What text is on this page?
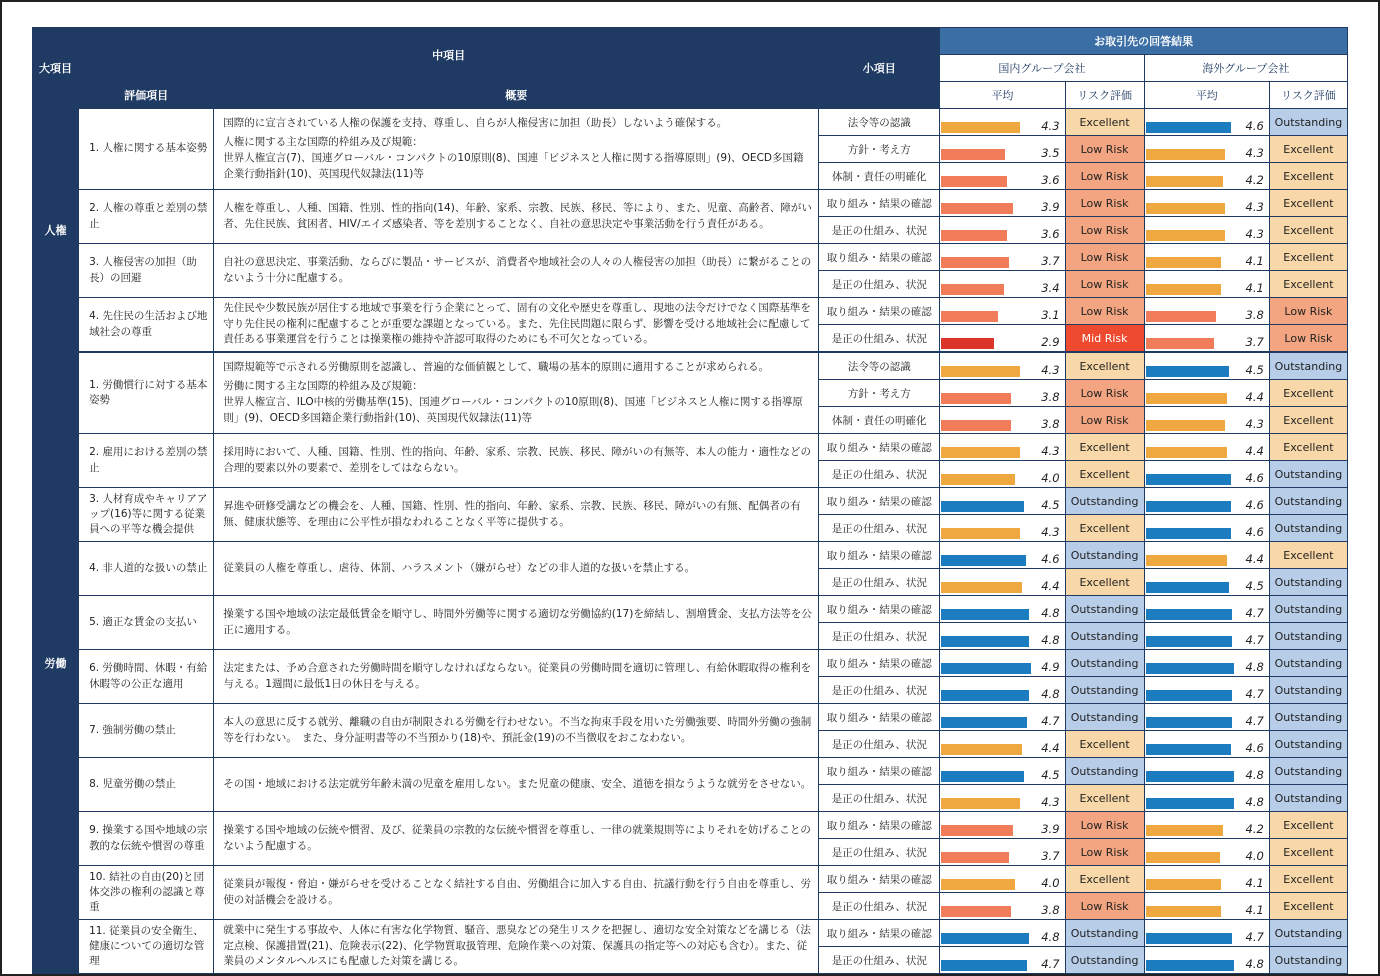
大項目	中項目		小項目	お取引先の回答結果			
				国内グループ会社		海外グループ会社	
	評価項目	概要		平均	リスク評価	平均	リスク評価
人権	1. 人権に関する基本姿勢	国際的に宣言されている人権の保護を支持、尊重し、自らが人権侵害に加担（助長）しないよう確保する。

人権に関する主な国際的枠組み及び規範：
世界人権宣言(7)、国連グローバル・コンパクトの10原則(8)、国連「ビジネスと人権に関する指導原則」(9)、OECD多国籍企業行動指針(10)、英国現代奴隷法(11)等	法令等の認識	4.3	Excellent	4.6	Outstanding
			方針・考え方	3.5	Low Risk	4.3	Excellent
			体制・責任の明確化	3.6	Low Risk	4.2	Excellent
	2. 人権の尊重と差別の禁止	人権を尊重し、人種、国籍、性別、性的指向(14)、年齢、家系、宗教、民族、移民、等により、また、児童、高齢者、障がい者、先住民族、貧困者、HIV/エイズ感染者、等を差別することなく、自社の意思決定や事業活動を行う責任がある。	取り組み・結果の確認	3.9	Low Risk	4.3	Excellent
			是正の仕組み、状況	3.6	Low Risk	4.3	Excellent
	3. 人権侵害の加担（助長）の回避	自社の意思決定、事業活動、ならびに製品・サービスが、消費者や地域社会の人々の人権侵害の加担（助長）に繋がることのないよう十分に配慮する。	取り組み・結果の確認	3.7	Low Risk	4.1	Excellent
			是正の仕組み、状況	3.4	Low Risk	4.1	Excellent
	4. 先住民の生活および地域社会の尊重	先住民や少数民族が居住する地域で事業を行う企業にとって、固有の文化や歴史を尊重し、現地の法令だけでなく国際基準を守り先住民の権利に配慮することが重要な課題となっている。また、先住民問題に限らず、影響を受ける地域社会に配慮して責任ある事業運営を行うことは操業権の維持や許認可取得のためにも不可欠となっている。	取り組み・結果の確認	3.1	Low Risk	3.8	Low Risk
			是正の仕組み、状況	2.9	Mid Risk	3.7	Low Risk
労働	1. 労働慣行に対する基本姿勢	国際規範等で示される労働原則を認識し、普遍的な価値観として、職場の基本的原則に適用することが求められる。

労働に関する主な国際的枠組み及び規範：
世界人権宣言、ILO中核的労働基準(15)、国連グローバル・コンパクトの10原則(8)、国連「ビジネスと人権に関する指導原則」(9)、OECD多国籍企業行動指針(10)、英国現代奴隷法(11)等	法令等の認識	4.3	Excellent	4.5	Outstanding
			方針・考え方	3.8	Low Risk	4.4	Excellent
			体制・責任の明確化	3.8	Low Risk	4.3	Excellent
	2. 雇用における差別の禁止	採用時において、人種、国籍、性別、性的指向、年齢、家系、宗教、民族、移民、障がいの有無等、本人の能力・適性などの合理的要素以外の要素で、差別をしてはならない。	取り組み・結果の確認	4.3	Excellent	4.4	Excellent
			是正の仕組み、状況	4.0	Excellent	4.6	Outstanding
	3. 人材育成やキャリアアップ(16)等に関する従業員への平等な機会提供	昇進や研修受講などの機会を、人種、国籍、性別、性的指向、年齢、家系、宗教、民族、移民、障がいの有無、配偶者の有無、健康状態等、を理由に公平性が損なわれることなく平等に提供する。	取り組み・結果の確認	4.5	Outstanding	4.6	Outstanding
			是正の仕組み、状況	4.3	Excellent	4.6	Outstanding
	4. 非人道的な扱いの禁止	従業員の人権を尊重し、虐待、体罰、ハラスメント（嫌がらせ）などの非人道的な扱いを禁止する。	取り組み・結果の確認	4.6	Outstanding	4.4	Excellent
			是正の仕組み、状況	4.4	Excellent	4.5	Outstanding
	5. 適正な賃金の支払い	操業する国や地域の法定最低賃金を順守し、時間外労働等に関する適切な労働協約(17)を締結し、割増賃金、支払方法等を公正に適用する。	取り組み・結果の確認	4.8	Outstanding	4.7	Outstanding
			是正の仕組み、状況	4.8	Outstanding	4.7	Outstanding
	6. 労働時間、休暇・有給休暇等の公正な適用	法定または、予め合意された労働時間を順守しなければならない。従業員の労働時間を適切に管理し、有給休暇取得の権利を与える。1週間に最低1日の休日を与える。	取り組み・結果の確認	4.9	Outstanding	4.8	Outstanding
			是正の仕組み、状況	4.8	Outstanding	4.7	Outstanding
	7. 強制労働の禁止	本人の意思に反する就労、離職の自由が制限される労働を行わせない。不当な拘束手段を用いた労働強要、時間外労働の強制等を行わない。　また、身分証明書等の不当預かり(18)や、預託金(19)の不当徴収をおこなわない。	取り組み・結果の確認	4.7	Outstanding	4.7	Outstanding
			是正の仕組み、状況	4.4	Excellent	4.6	Outstanding
	8. 児童労働の禁止	その国・地域における法定就労年齢未満の児童を雇用しない。また児童の健康、安全、道徳を損なうような就労をさせない。	取り組み・結果の確認	4.5	Outstanding	4.8	Outstanding
			是正の仕組み、状況	4.3	Excellent	4.8	Outstanding
	9. 操業する国や地域の宗教的な伝統や慣習の尊重	操業する国や地域の伝統や慣習、及び、従業員の宗教的な伝統や慣習を尊重し、一律の就業規則等によりそれを妨げることのないよう配慮する。	取り組み・結果の確認	3.9	Low Risk	4.2	Excellent
			是正の仕組み、状況	3.7	Low Risk	4.0	Excellent
	10. 結社の自由(20)と団体交渉の権利の認識と尊重	従業員が報復・脅迫・嫌がらせを受けることなく結社する自由、労働組合に加入する自由、抗議行動を行う自由を尊重し、労使の対話機会を設ける。	取り組み・結果の確認	4.0	Excellent	4.1	Excellent
			是正の仕組み、状況	3.8	Low Risk	4.1	Excellent
	11. 従業員の安全衛生、健康についての適切な管理	就業中に発生する事故や、人体に有害な化学物質、騒音、悪臭などの発生リスクを把握し、適切な安全対策などを講じる（法定点検、保護措置(21)、危険表示(22)、化学物質取扱管理、危険作業への対策、保護具の指定等への対応も含む）。また、従業員のメンタルヘルスにも配慮した対策を講じる。	取り組み・結果の確認	4.8	Outstanding	4.7	Outstanding
			是正の仕組み、状況	4.7	Outstanding	4.8	Outstanding
